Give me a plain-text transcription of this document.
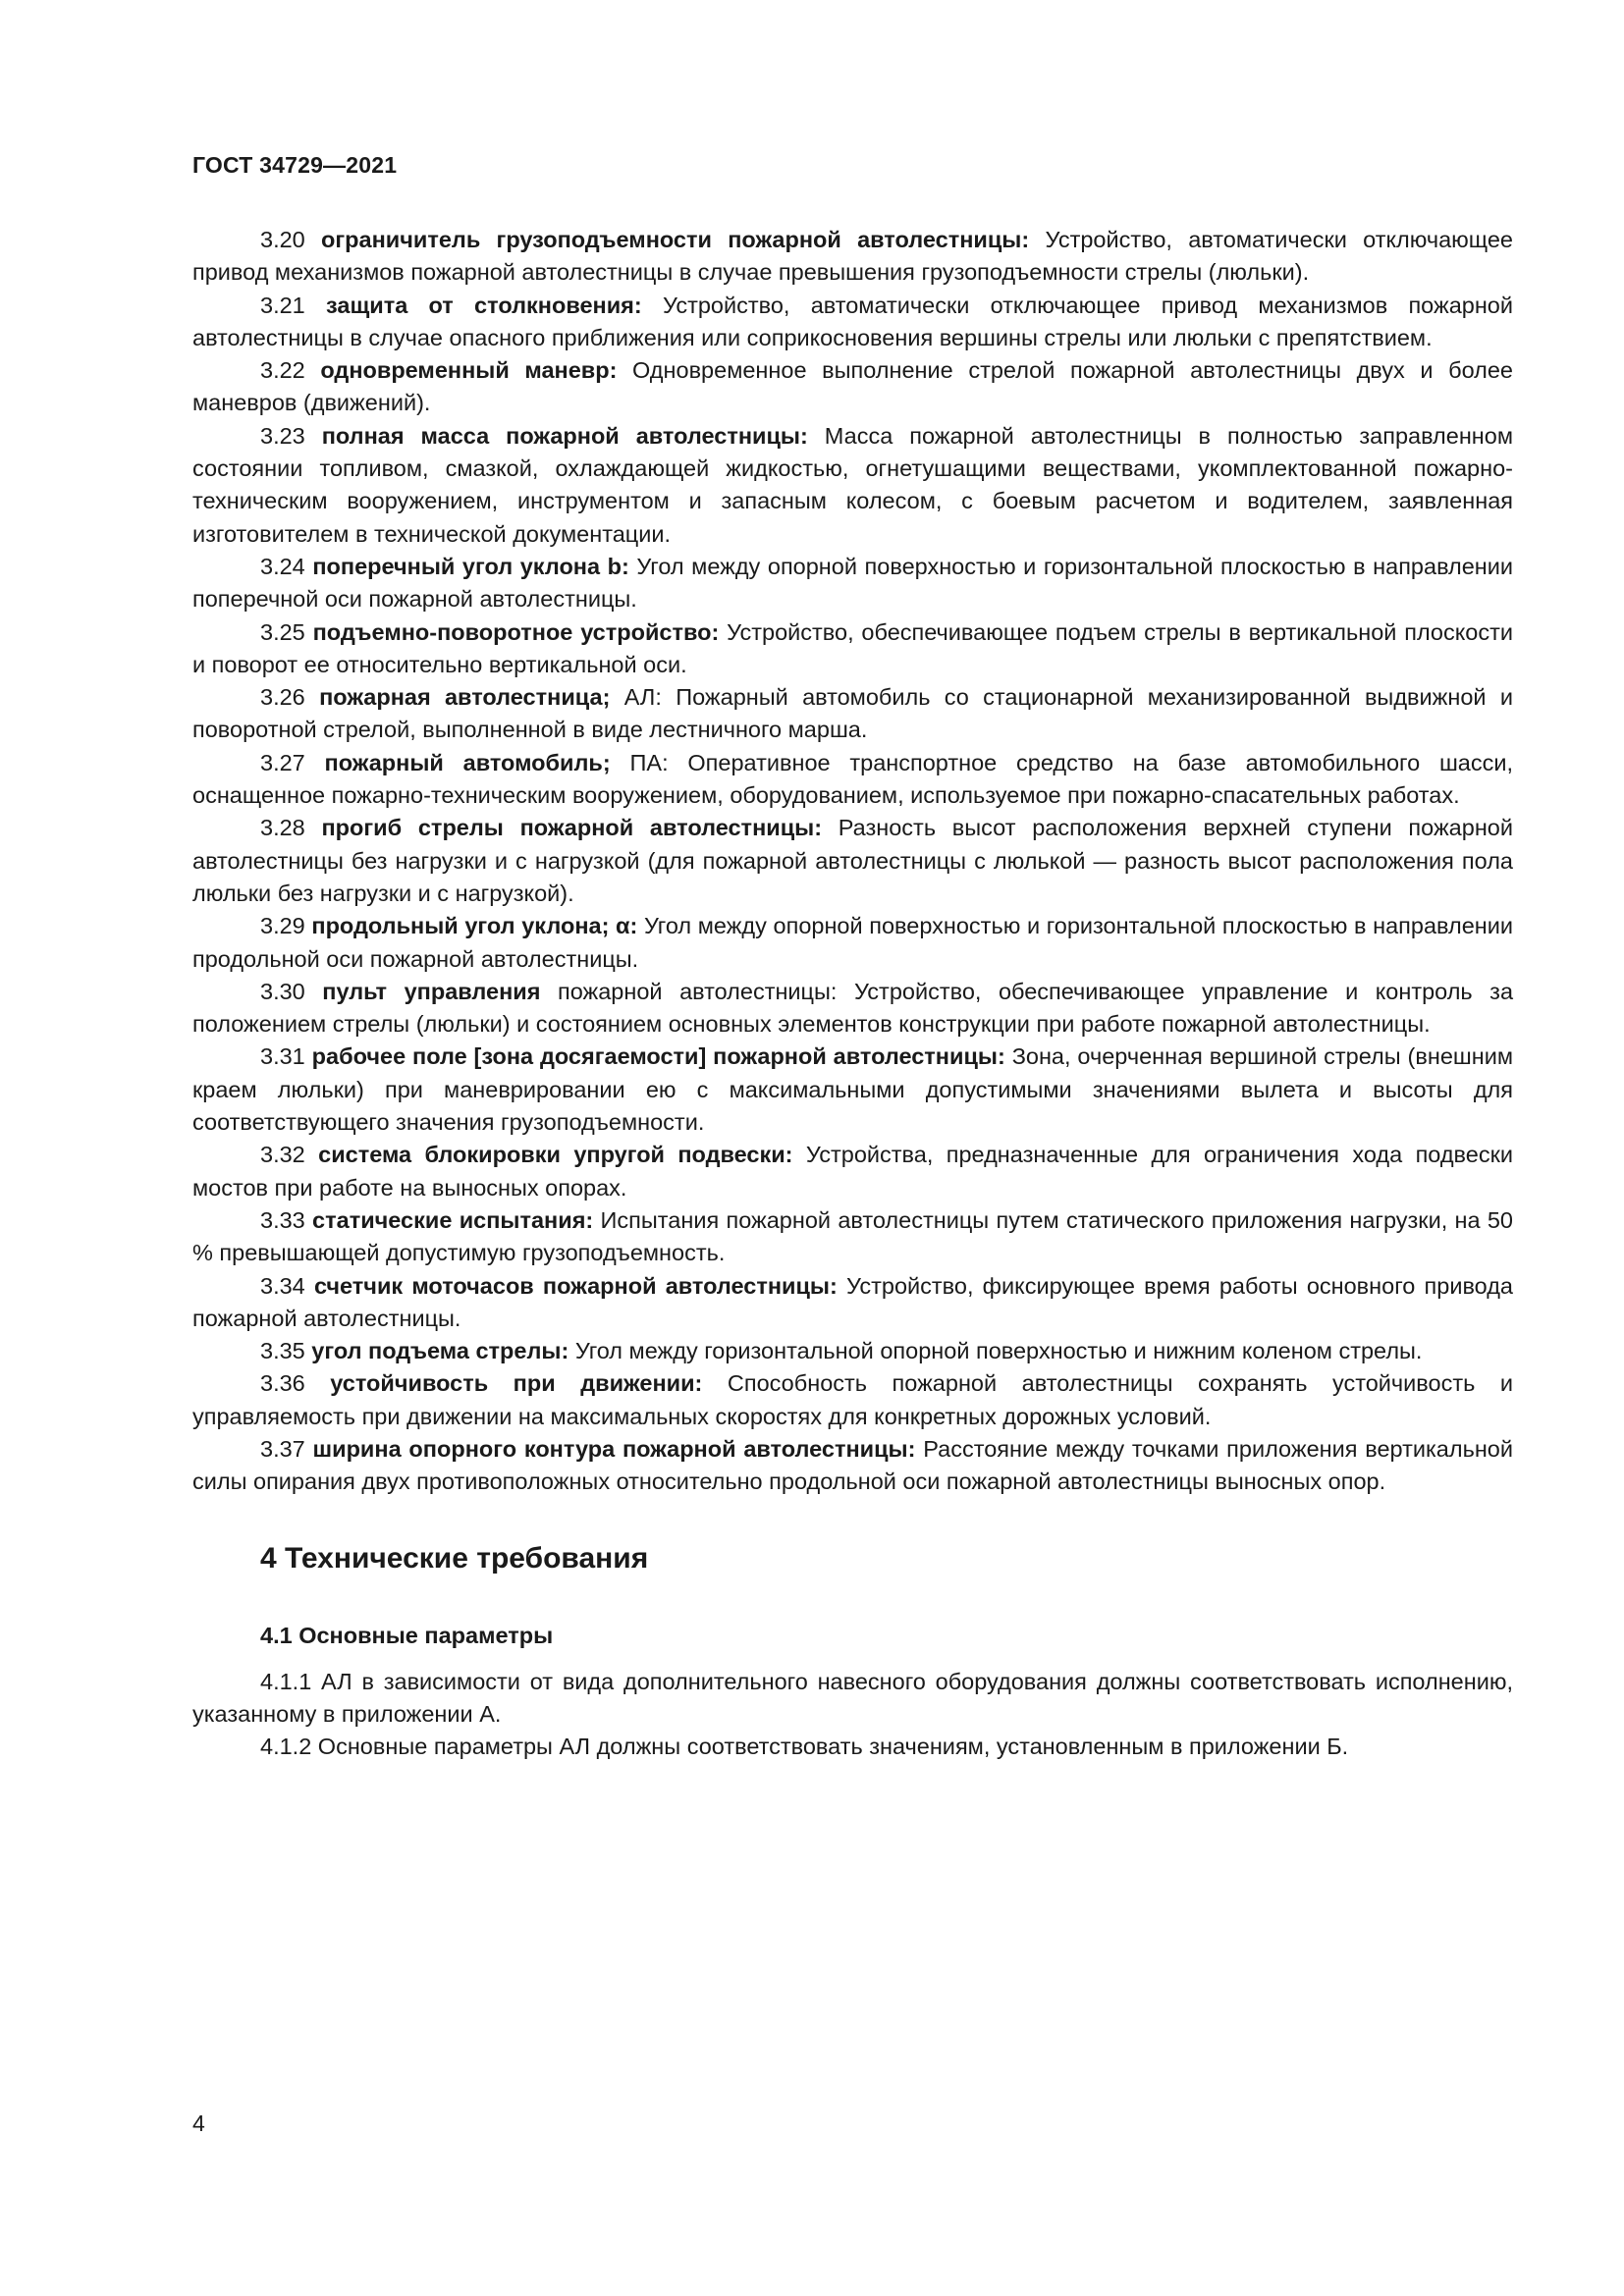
ГОСТ 34729—2021

3.20 ограничитель грузоподъемности пожарной автолестницы: Устройство, автоматически отключающее привод механизмов пожарной автолестницы в случае превышения грузоподъемности стрелы (люльки).

3.21 защита от столкновения: Устройство, автоматически отключающее привод механизмов пожарной автолестницы в случае опасного приближения или соприкосновения вершины стрелы или люльки с препятствием.

3.22 одновременный маневр: Одновременное выполнение стрелой пожарной автолестницы двух и более маневров (движений).

3.23 полная масса пожарной автолестницы: Масса пожарной автолестницы в полностью заправленном состоянии топливом, смазкой, охлаждающей жидкостью, огнетушащими веществами, укомплектованной пожарно-техническим вооружением, инструментом и запасным колесом, с боевым расчетом и водителем, заявленная изготовителем в технической документации.

3.24 поперечный угол уклона b: Угол между опорной поверхностью и горизонтальной плоскостью в направлении поперечной оси пожарной автолестницы.

3.25 подъемно-поворотное устройство: Устройство, обеспечивающее подъем стрелы в вертикальной плоскости и поворот ее относительно вертикальной оси.

3.26 пожарная автолестница; АЛ: Пожарный автомобиль со стационарной механизированной выдвижной и поворотной стрелой, выполненной в виде лестничного марша.

3.27 пожарный автомобиль; ПА: Оперативное транспортное средство на базе автомобильного шасси, оснащенное пожарно-техническим вооружением, оборудованием, используемое при пожарно-спасательных работах.

3.28 прогиб стрелы пожарной автолестницы: Разность высот расположения верхней ступени пожарной автолестницы без нагрузки и с нагрузкой (для пожарной автолестницы с люлькой — разность высот расположения пола люльки без нагрузки и с нагрузкой).

3.29 продольный угол уклона; α: Угол между опорной поверхностью и горизонтальной плоскостью в направлении продольной оси пожарной автолестницы.

3.30 пульт управления пожарной автолестницы: Устройство, обеспечивающее управление и контроль за положением стрелы (люльки) и состоянием основных элементов конструкции при работе пожарной автолестницы.

3.31 рабочее поле [зона досягаемости] пожарной автолестницы: Зона, очерченная вершиной стрелы (внешним краем люльки) при маневрировании ею с максимальными допустимыми значениями вылета и высоты для соответствующего значения грузоподъемности.

3.32 система блокировки упругой подвески: Устройства, предназначенные для ограничения хода подвески мостов при работе на выносных опорах.

3.33 статические испытания: Испытания пожарной автолестницы путем статического приложения нагрузки, на 50 % превышающей допустимую грузоподъемность.

3.34 счетчик моточасов пожарной автолестницы: Устройство, фиксирующее время работы основного привода пожарной автолестницы.

3.35 угол подъема стрелы: Угол между горизонтальной опорной поверхностью и нижним коленом стрелы.

3.36 устойчивость при движении: Способность пожарной автолестницы сохранять устойчивость и управляемость при движении на максимальных скоростях для конкретных дорожных условий.

3.37 ширина опорного контура пожарной автолестницы: Расстояние между точками приложения вертикальной силы опирания двух противоположных относительно продольной оси пожарной автолестницы выносных опор.

4 Технические требования

4.1 Основные параметры

4.1.1 АЛ в зависимости от вида дополнительного навесного оборудования должны соответствовать исполнению, указанному в приложении А.

4.1.2 Основные параметры АЛ должны соответствовать значениям, установленным в приложении Б.

4
